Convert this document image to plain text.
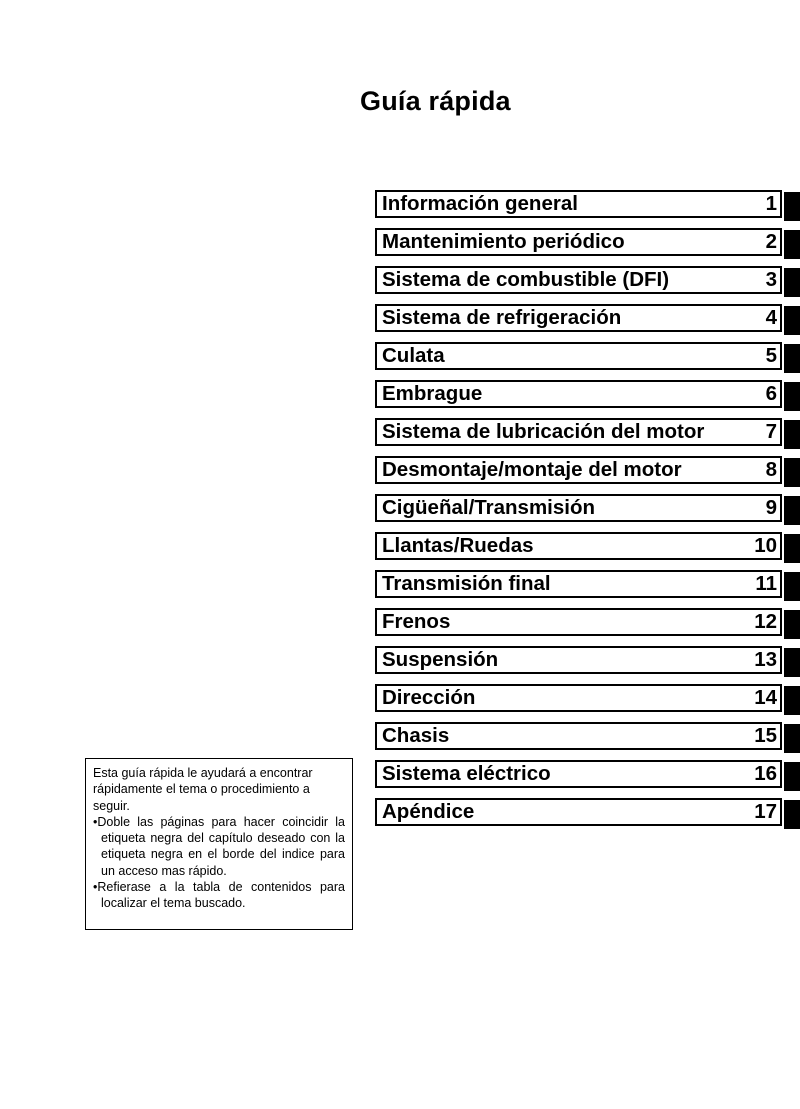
Guía rápida
Información general	1
Mantenimiento periódico	2
Sistema de combustible (DFI)	3
Sistema de refrigeración	4
Culata	5
Embrague	6
Sistema de lubricación del motor	7
Desmontaje/montaje del motor	8
Cigüeñal/Transmisión	9
Llantas/Ruedas	10
Transmisión final	11
Frenos	12
Suspensión	13
Dirección	14
Chasis	15
Sistema eléctrico	16
Apéndice	17

Esta guía rápida le ayudará a encontrar rápidamente el tema o procedimiento a seguir.

•Doble las páginas para hacer coincidir la etiqueta negra del capítulo deseado con la etiqueta negra en el borde del indice para un acceso mas rápido.

•Refierase a la tabla de contenidos para localizar el tema buscado.
